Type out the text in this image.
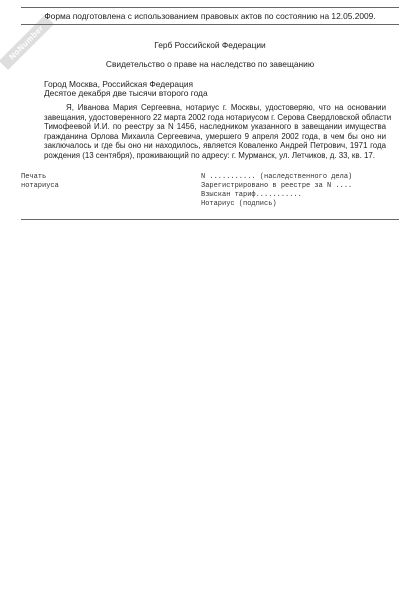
NoNumber
Форма подготовлена с использованием правовых актов по состоянию на 12.05.2009.
Герб Российской Федерации
Свидетельство о праве на наследство по завещанию
Город Москва, Российская Федерация
Десятое декабря две тысячи второго года
Я, Иванова Мария Сергеевна, нотариус г. Москвы, удостоверяю, что на основании
завещания, удостоверенного 22 марта 2002 года нотариусом г. Серова Свердловской области
Тимофеевой И.И. по реестру за N 1456, наследником указанного в завещании имущества
гражданина Орлова Михаила Сергеевича, умершего 9 апреля 2002 года, в чем бы оно ни
заключалось и где бы оно ни находилось, является Коваленко Андрей Петрович, 1971 года
рождения (13 сентября), проживающий по адресу: г. Мурманск, ул. Летчиков, д. 33, кв. 17.
Печать
нотариуса
N ........... (наследственного дела)
Зарегистрировано в реестре за N ....
Взыскан тариф...........
Нотариус (подпись)
